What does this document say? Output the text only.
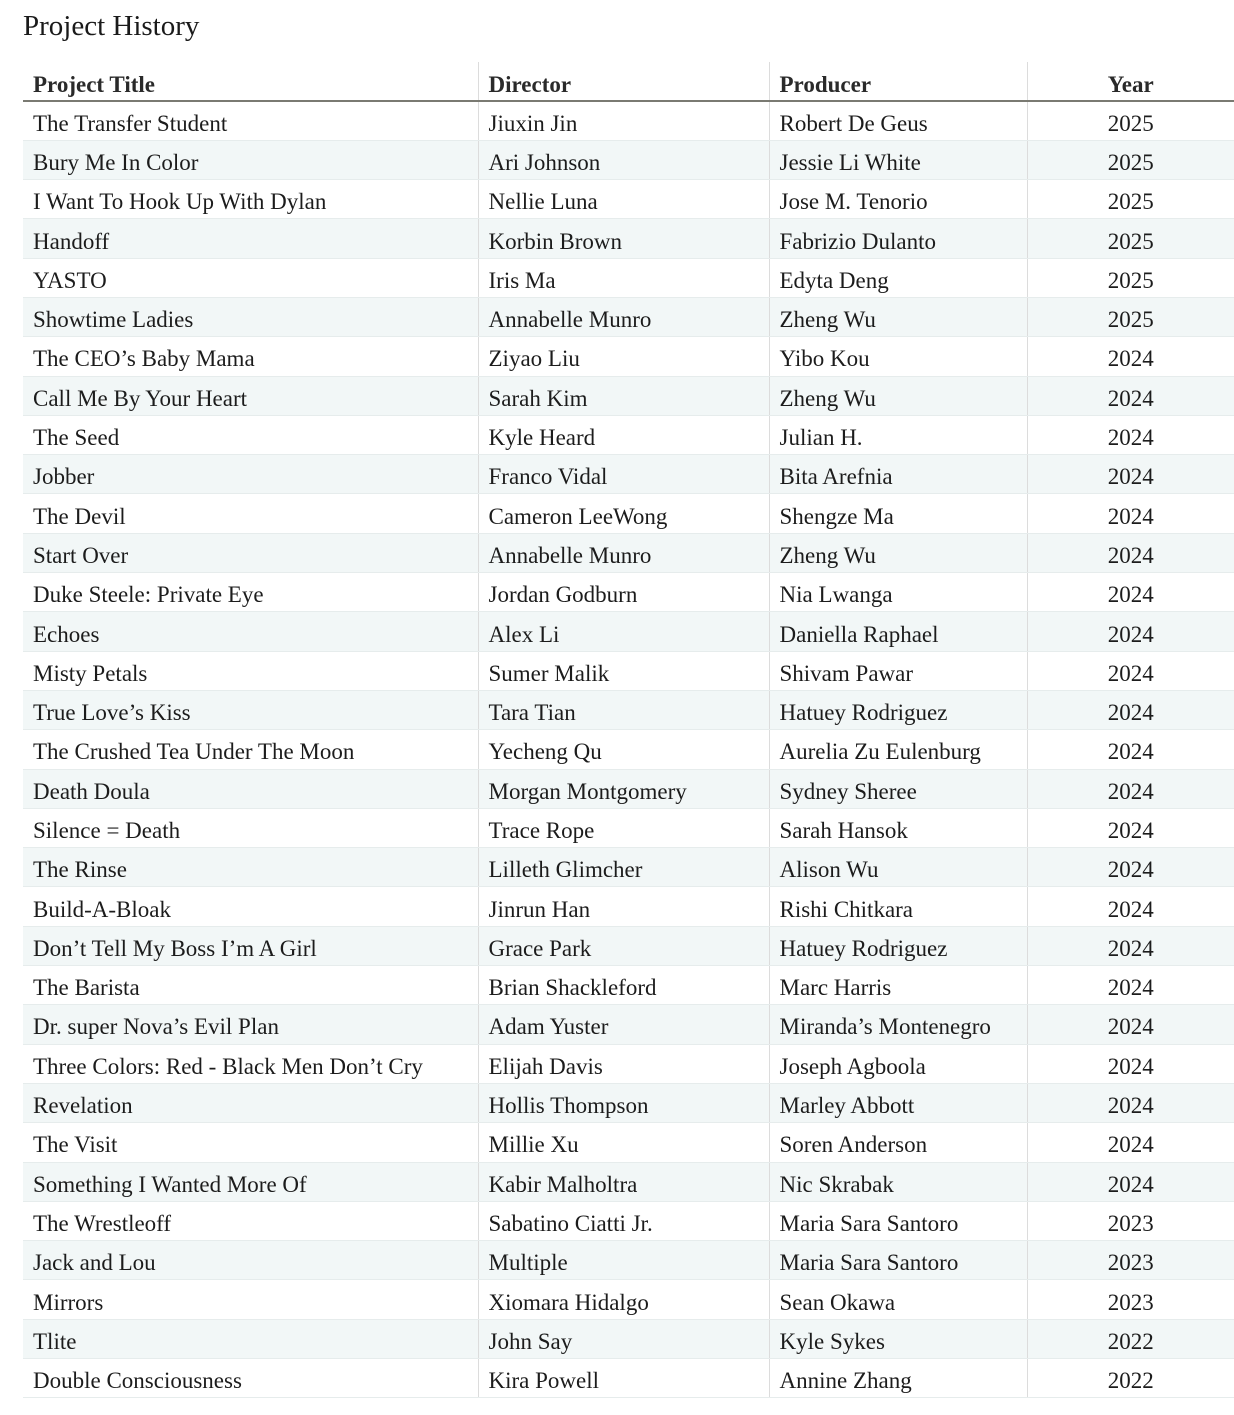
Project History
Project Title	Director	Producer	Year
The Transfer Student	Jiuxin Jin	Robert De Geus	2025
Bury Me In Color	Ari Johnson	Jessie Li White	2025
I Want To Hook Up With Dylan	Nellie Luna	Jose M. Tenorio	2025
Handoff	Korbin Brown	Fabrizio Dulanto	2025
YASTO	Iris Ma	Edyta Deng	2025
Showtime Ladies	Annabelle Munro	Zheng Wu	2025
The CEO’s Baby Mama	Ziyao Liu	Yibo Kou	2024
Call Me By Your Heart	Sarah Kim	Zheng Wu	2024
The Seed	Kyle Heard	Julian H.	2024
Jobber	Franco Vidal	Bita Arefnia	2024
The Devil	Cameron LeeWong	Shengze Ma	2024
Start Over	Annabelle Munro	Zheng Wu	2024
Duke Steele: Private Eye	Jordan Godburn	Nia Lwanga	2024
Echoes	Alex Li	Daniella Raphael	2024
Misty Petals	Sumer Malik	Shivam Pawar	2024
True Love’s Kiss	Tara Tian	Hatuey Rodriguez	2024
The Crushed Tea Under The Moon	Yecheng Qu	Aurelia Zu Eulenburg	2024
Death Doula	Morgan Montgomery	Sydney Sheree	2024
Silence = Death	Trace Rope	Sarah Hansok	2024
The Rinse	Lilleth Glimcher	Alison Wu	2024
Build-A-Bloak	Jinrun Han	Rishi Chitkara	2024
Don’t Tell My Boss I’m A Girl	Grace Park	Hatuey Rodriguez	2024
The Barista	Brian Shackleford	Marc Harris	2024
Dr. super Nova’s Evil Plan	Adam Yuster	Miranda’s Montenegro	2024
Three Colors: Red - Black Men Don’t Cry	Elijah Davis	Joseph Agboola	2024
Revelation	Hollis Thompson	Marley Abbott	2024
The Visit	Millie Xu	Soren Anderson	2024
Something I Wanted More Of	Kabir Malholtra	Nic Skrabak	2024
The Wrestleoff	Sabatino Ciatti Jr.	Maria Sara Santoro	2023
Jack and Lou	Multiple	Maria Sara Santoro	2023
Mirrors	Xiomara Hidalgo	Sean Okawa	2023
Tlite	John Say	Kyle Sykes	2022
Double Consciousness	Kira Powell	Annine Zhang	2022
